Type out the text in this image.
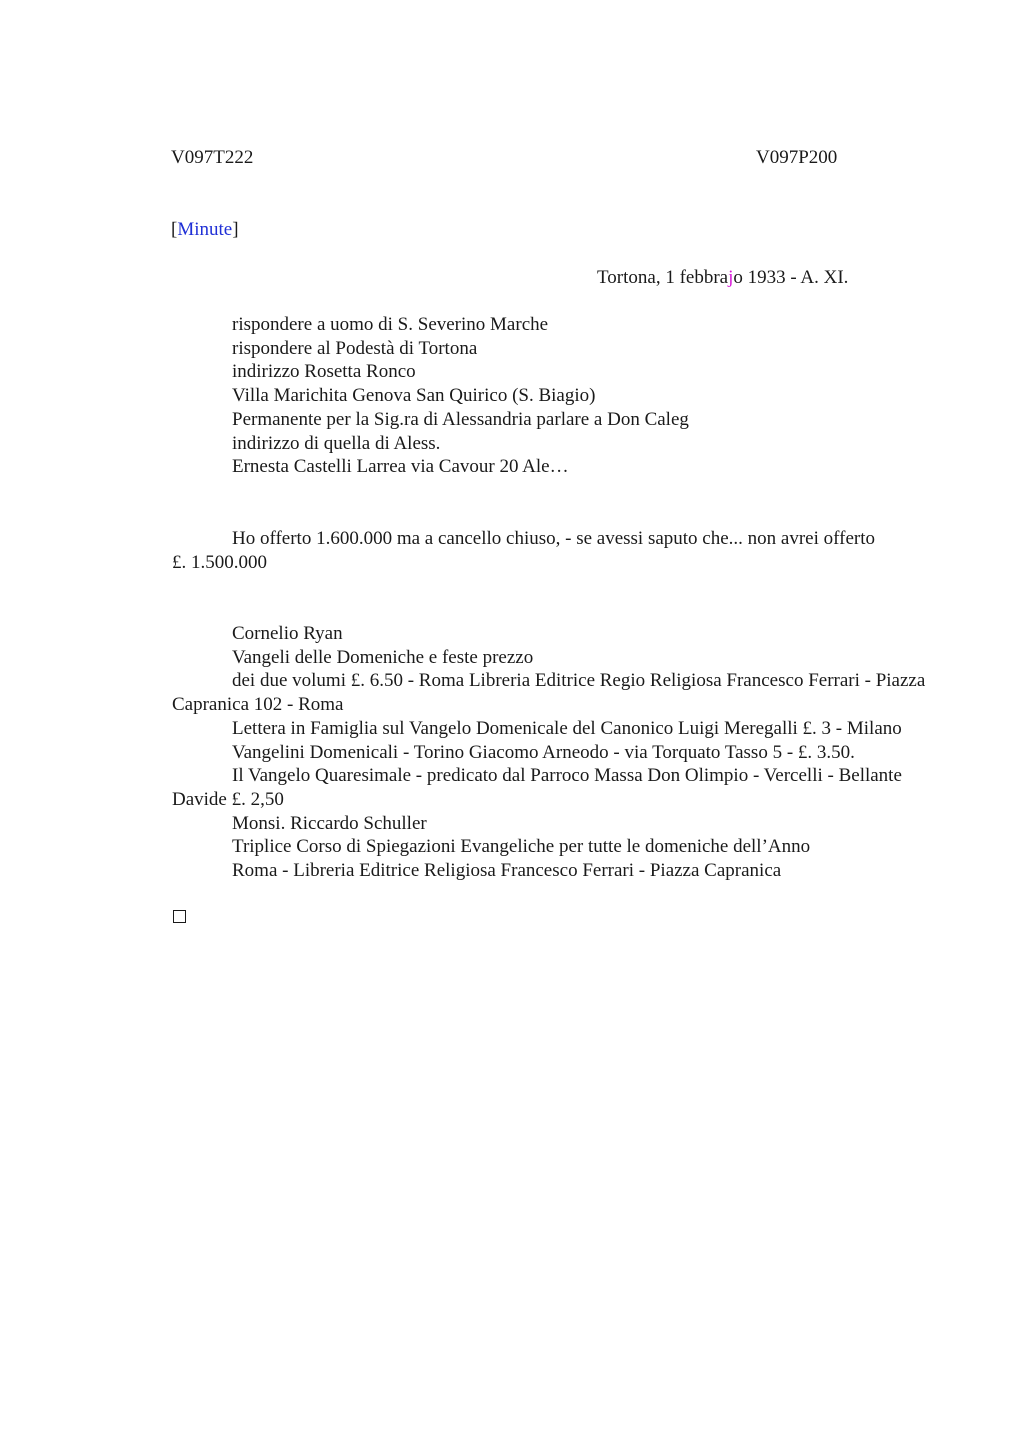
V097T222	V097P200
[Minute]
Tortona, 1 febbrajo 1933 - A. XI.
rispondere a uomo di S. Severino Marche
rispondere al Podestà di Tortona
indirizzo Rosetta Ronco
Villa Marichita Genova San Quirico (S. Biagio)
Permanente per la Sig.ra di Alessandria parlare a Don Caleg
indirizzo di quella di Aless.
Ernesta Castelli Larrea via Cavour 20 Ale…
Ho offerto 1.600.000 ma a cancello chiuso, - se avessi saputo che... non avrei offerto £. 1.500.000
Cornelio Ryan
Vangeli delle Domeniche e feste prezzo
dei due volumi £. 6.50 - Roma Libreria Editrice Regio Religiosa Francesco Ferrari - Piazza Capranica 102 - Roma
Lettera in Famiglia sul Vangelo Domenicale del Canonico Luigi Meregalli £. 3 - Milano
Vangelini Domenicali - Torino Giacomo Arneodo - via Torquato Tasso 5 - £. 3.50.
Il Vangelo Quaresimale - predicato dal Parroco Massa Don Olimpio - Vercelli - Bellante Davide £. 2,50
Monsi. Riccardo Schuller
Triplice Corso di Spiegazioni Evangeliche per tutte le domeniche dell’Anno
Roma - Libreria Editrice Religiosa Francesco Ferrari - Piazza Capranica
